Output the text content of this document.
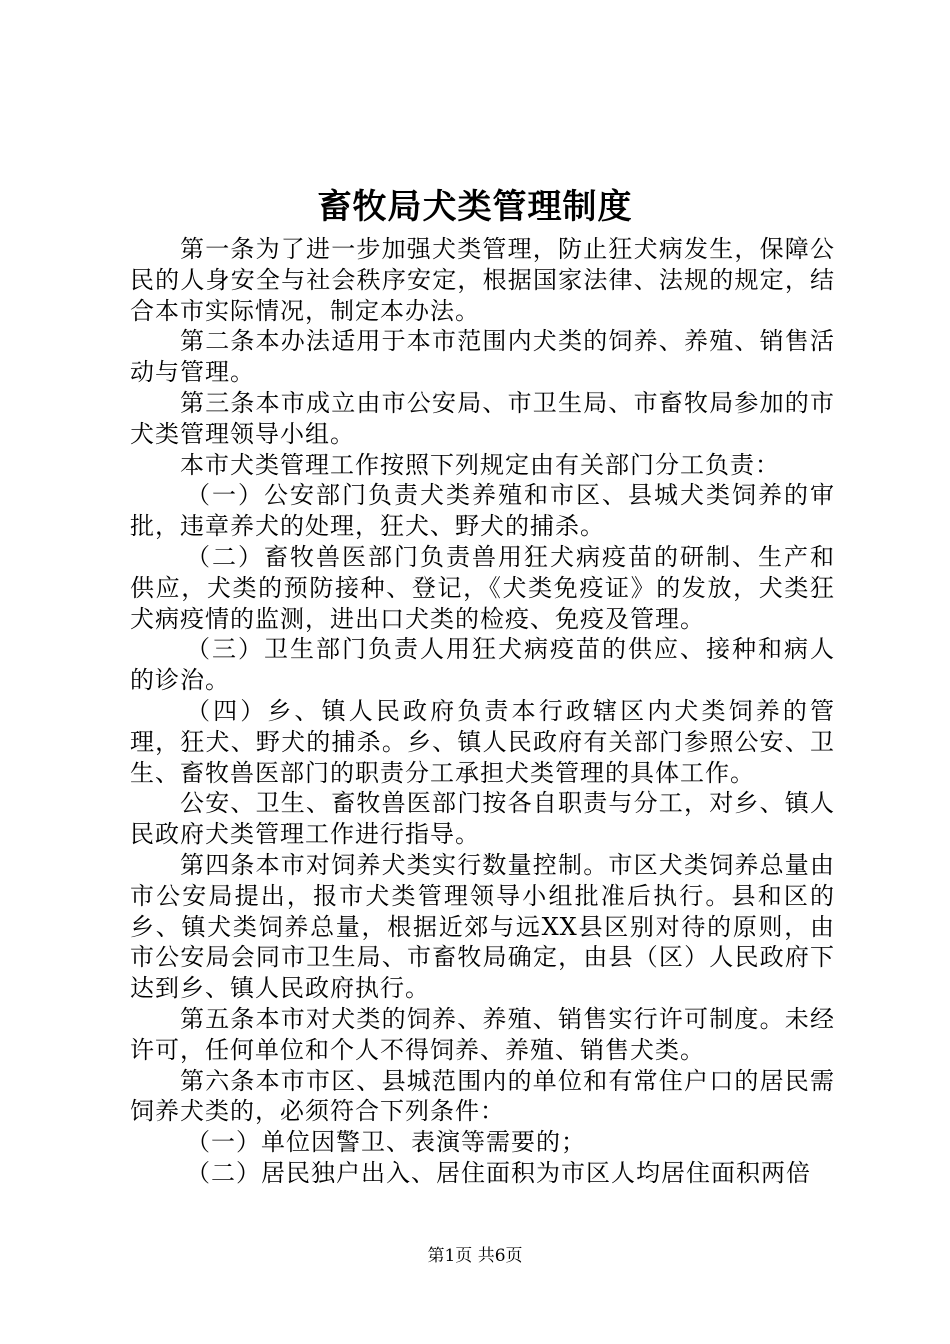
畜牧局犬类管理制度

第一条为了进一步加强犬类管理，防止狂犬病发生，保障公民的人身安全与社会秩序安定，根据国家法律、法规的规定，结合本市实际情况，制定本办法。

第二条本办法适用于本市范围内犬类的饲养、养殖、销售活动与管理。

第三条本市成立由市公安局、市卫生局、市畜牧局参加的市犬类管理领导小组。

本市犬类管理工作按照下列规定由有关部门分工负责：

（一）公安部门负责犬类养殖和市区、县城犬类饲养的审批，违章养犬的处理，狂犬、野犬的捕杀。

（二）畜牧兽医部门负责兽用狂犬病疫苗的研制、生产和供应，犬类的预防接种、登记，《犬类免疫证》的发放，犬类狂犬病疫情的监测，进出口犬类的检疫、免疫及管理。

（三）卫生部门负责人用狂犬病疫苗的供应、接种和病人的诊治。

（四）乡、镇人民政府负责本行政辖区内犬类饲养的管理，狂犬、野犬的捕杀。乡、镇人民政府有关部门参照公安、卫生、畜牧兽医部门的职责分工承担犬类管理的具体工作。

公安、卫生、畜牧兽医部门按各自职责与分工，对乡、镇人民政府犬类管理工作进行指导。

第四条本市对饲养犬类实行数量控制。市区犬类饲养总量由市公安局提出，报市犬类管理领导小组批准后执行。县和区的乡、镇犬类饲养总量，根据近郊与远XX县区别对待的原则，由市公安局会同市卫生局、市畜牧局确定，由县（区）人民政府下达到乡、镇人民政府执行。

第五条本市对犬类的饲养、养殖、销售实行许可制度。未经许可，任何单位和个人不得饲养、养殖、销售犬类。

第六条本市市区、县城范围内的单位和有常住户口的居民需饲养犬类的，必须符合下列条件：

（一）单位因警卫、表演等需要的；

（二）居民独户出入、居住面积为市区人均居住面积两倍

第1页 共6页
